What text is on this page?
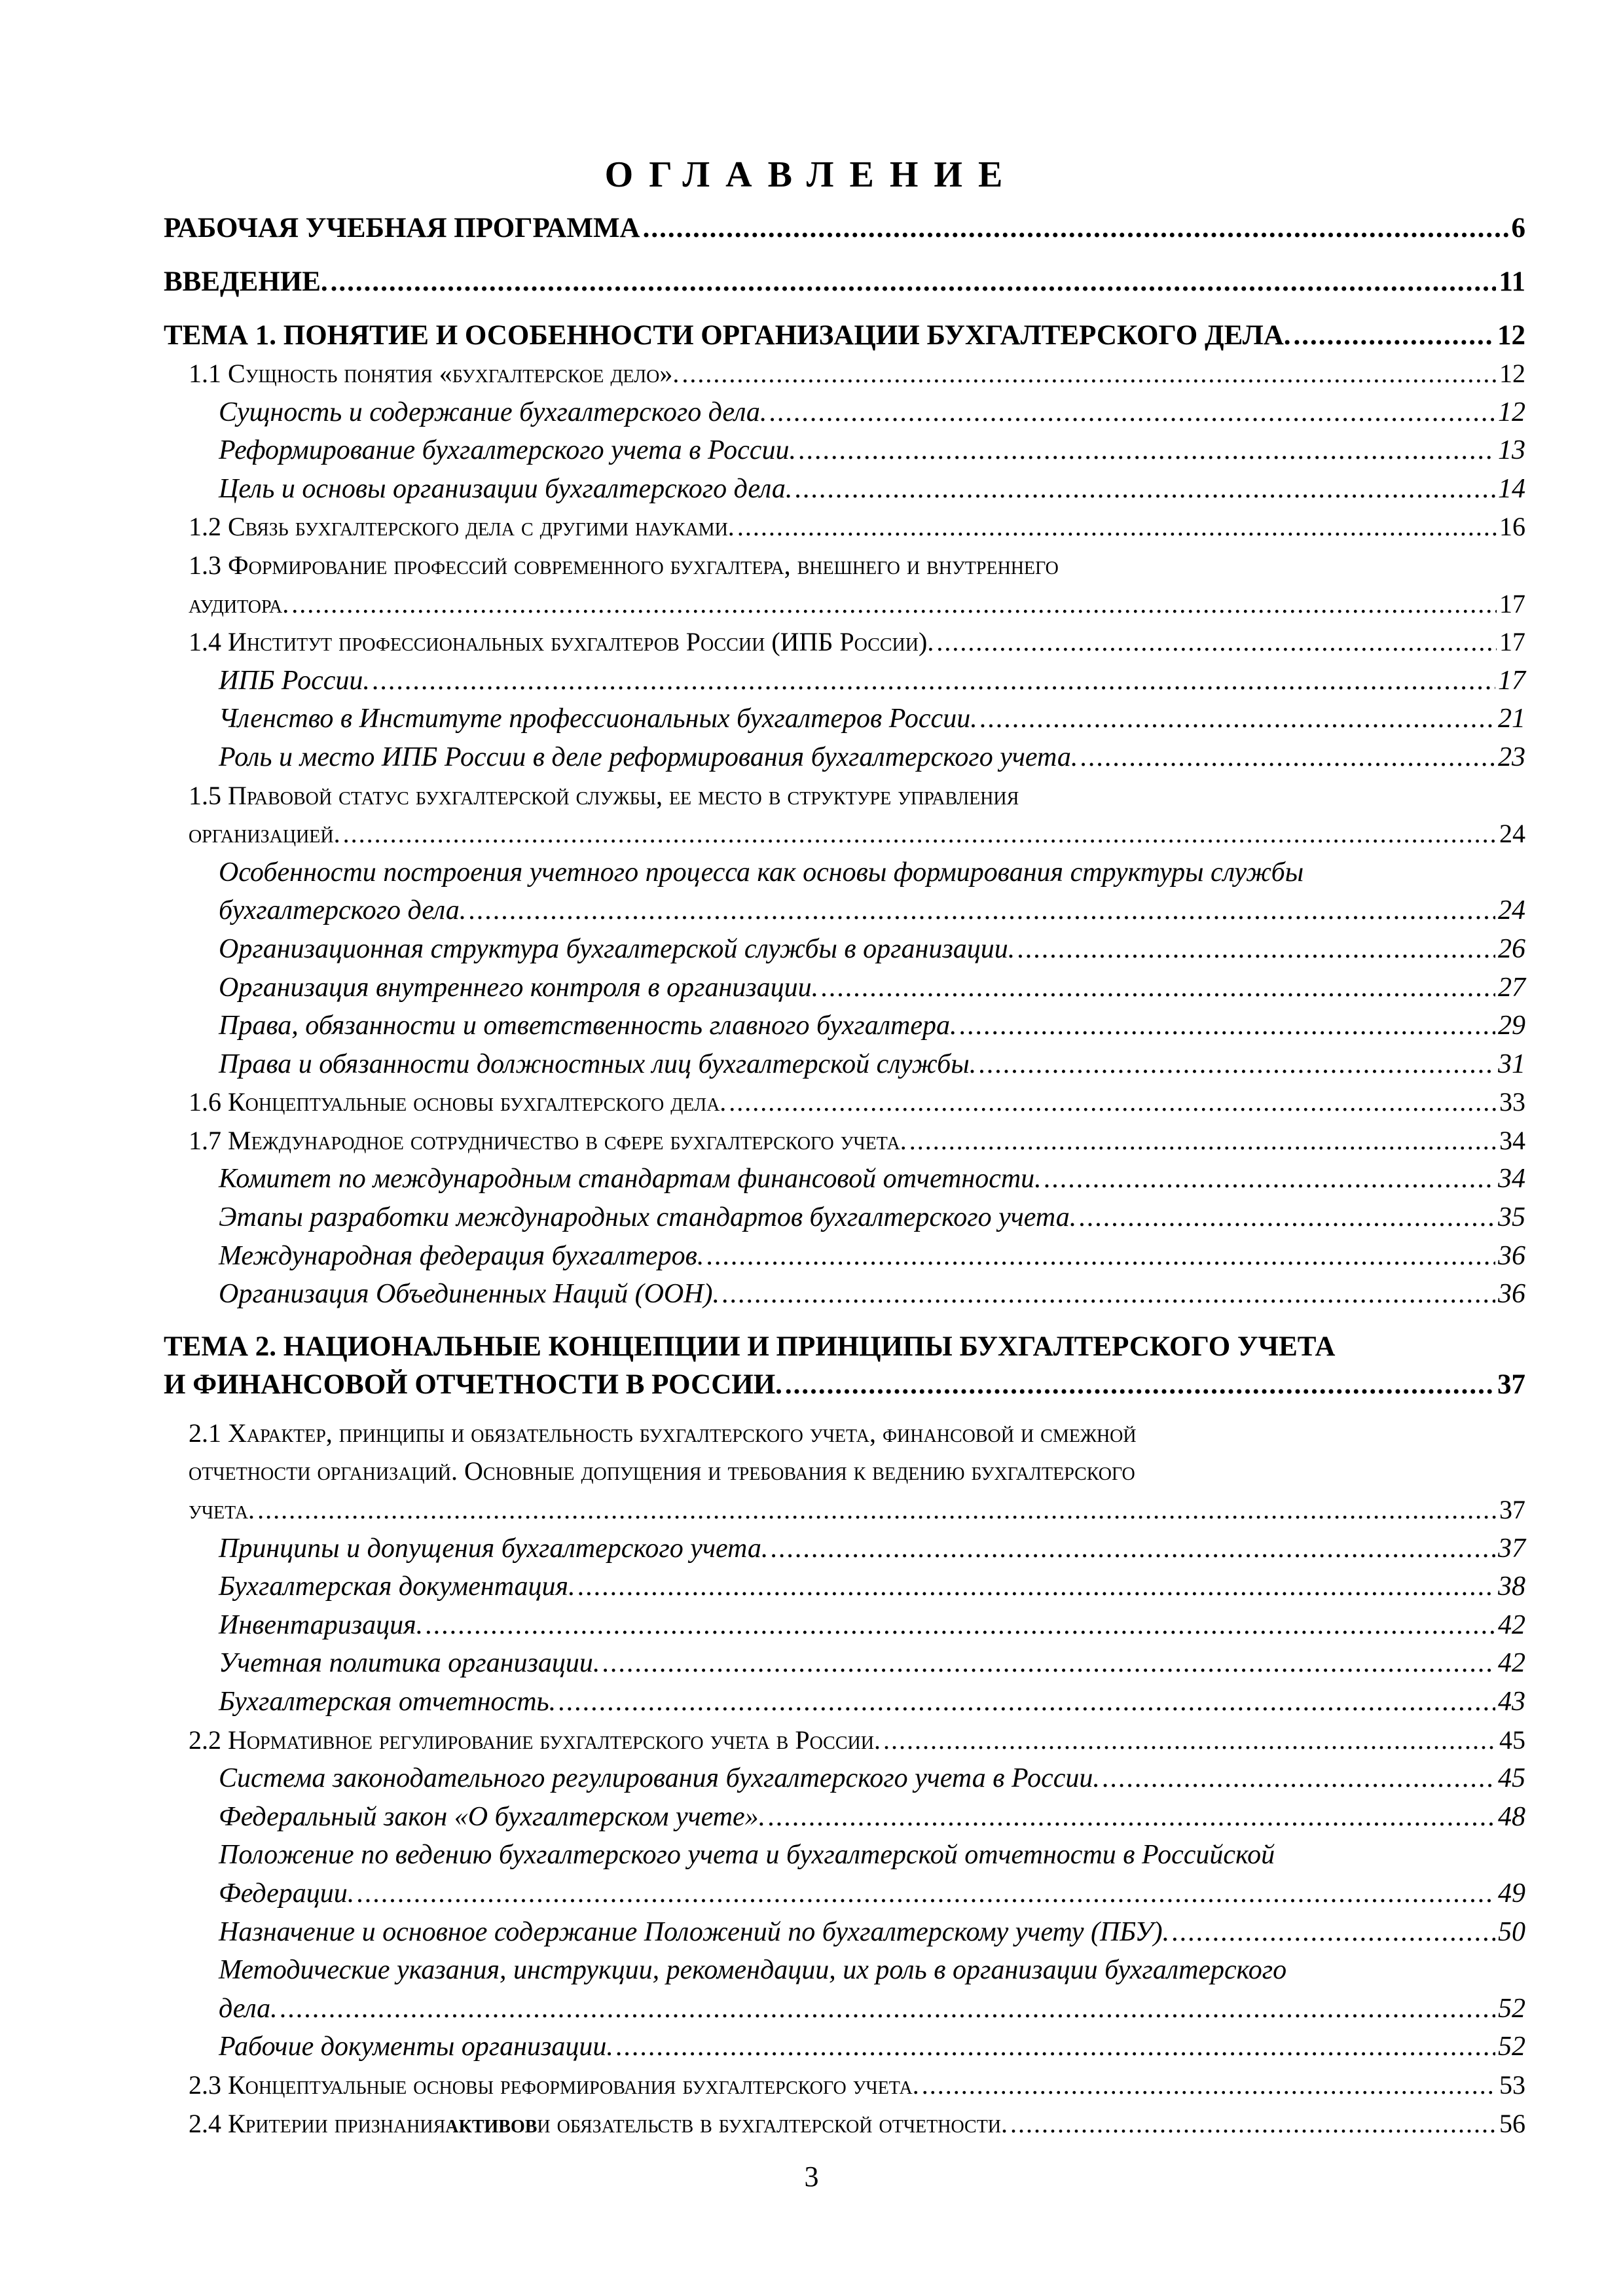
ОГЛАВЛЕНИЕ
РАБОЧАЯ УЧЕБНАЯ ПРОГРАММА .....	6
ВВЕДЕНИЕ. .....	11
ТЕМА 1. ПОНЯТИЕ И ОСОБЕННОСТИ ОРГАНИЗАЦИИ БУХГАЛТЕРСКОГО ДЕЛА. .....	12
1.1 Сущность понятия «бухгалтерское дело». .....	12
Сущность и содержание бухгалтерского дела. .....	12
Реформирование бухгалтерского учета в России. .....	13
Цель и основы организации бухгалтерского дела. .....	14
1.2 Связь бухгалтерского дела с другими науками. .....	16
1.3 Формирование профессий современного бухгалтера, внешнего и внутреннего
аудитора. .....	17
1.4 Институт профессиональных бухгалтеров России (ИПБ России). .....	17
ИПБ России. .....	17
Членство в Институте профессиональных бухгалтеров России. .....	21
Роль и место ИПБ России в деле реформирования бухгалтерского учета. .....	23
1.5 Правовой статус бухгалтерской службы, ее место в структуре управления
организацией. .....	24
Особенности построения учетного процесса как основы формирования структуры службы
бухгалтерского дела. .....	24
Организационная структура бухгалтерской службы в организации. .....	26
Организация внутреннего контроля в организации. .....	27
Права, обязанности и ответственность главного бухгалтера. .....	29
Права и обязанности должностных лиц бухгалтерской службы. .....	31
1.6 Концептуальные основы бухгалтерского дела. .....	33
1.7 Международное сотрудничество в сфере бухгалтерского учета. .....	34
Комитет по международным стандартам финансовой отчетности. .....	34
Этапы разработки международных стандартов бухгалтерского учета. .....	35
Международная федерация бухгалтеров. .....	36
Организация Объединенных Наций (ООН). .....	36
ТЕМА 2. НАЦИОНАЛЬНЫЕ КОНЦЕПЦИИ И ПРИНЦИПЫ БУХГАЛТЕРСКОГО УЧЕТА
И ФИНАНСОВОЙ ОТЧЕТНОСТИ В РОССИИ. .....	37
2.1 Характер, принципы и обязательность бухгалтерского учета, финансовой и смежной
отчетности организаций. Основные допущения и требования к ведению бухгалтерского
учета. .....	37
Принципы и допущения бухгалтерского учета. .....	37
Бухгалтерская документация. .....	38
Инвентаризация. .....	42
Учетная политика организации. .....	42
Бухгалтерская отчетность. .....	43
2.2 Нормативное регулирование бухгалтерского учета в России. .....	45
Система законодательного регулирования бухгалтерского учета в России. .....	45
Федеральный закон «О бухгалтерском учете». .....	48
Положение по ведению бухгалтерского учета и бухгалтерской отчетности в Российской
Федерации. .....	49
Назначение и основное содержание Положений по бухгалтерскому учету (ПБУ). .....	50
Методические указания, инструкции, рекомендации, их роль в организации бухгалтерского
дела. .....	52
Рабочие документы организации. .....	52
2.3 Концептуальные основы реформирования бухгалтерского учета. .....	53
2.4 Критерии признания активов и обязательств в бухгалтерской отчетности. .....	56
3
